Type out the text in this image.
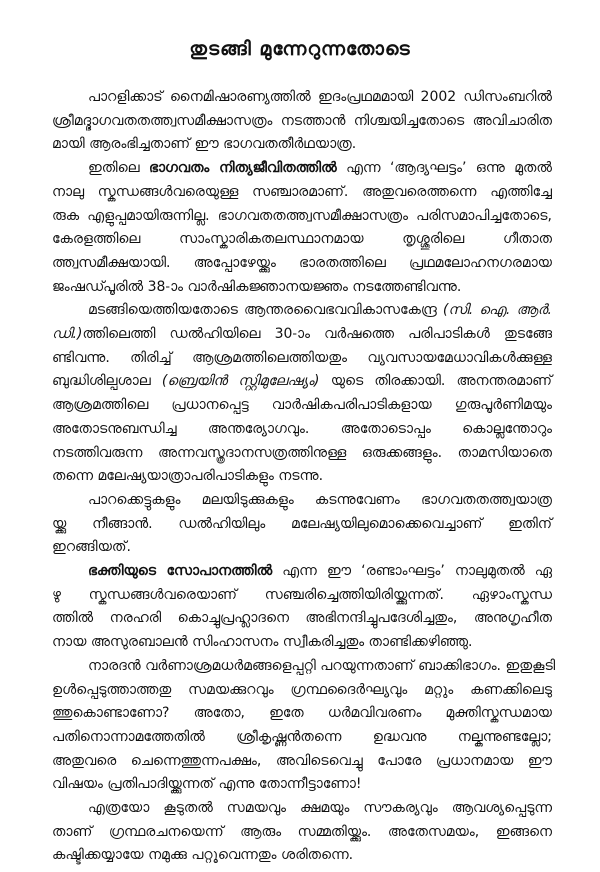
തുടങ്ങി മുന്നേറുന്നതോടെ
പാറളിക്കാട് നൈമിഷാരണ്യത്തിൽ ഇദംപ്രഥമമായി 2002 ഡിസംബറിൽ
ശ്രീമദ്ഭാഗവതതത്ത്വസമീക്ഷാസത്രം നടത്താൻ നിശ്ചയിച്ചതോടെ അവിചാരിത
മായി ആരംഭിച്ചതാണ് ഈ ഭാഗവതതീർഥയാത്ര.
ഇതിലെ ഭാഗവതം നിത്യജീവിതത്തിൽ എന്ന ‘ആദ്യഘട്ടം’ ഒന്നു മുതൽ
നാലു സ്കന്ധങ്ങൾവരെയുള്ള സഞ്ചാരമാണ്. അതുവരെത്തന്നെ എത്തിച്ചേ
രുക എളുപ്പമായിരുന്നില്ല. ഭാഗവതതത്ത്വസമീക്ഷാസത്രം പരിസമാപിച്ചതോടെ,
കേരളത്തിലെ സാംസ്കാരികതലസ്ഥാനമായ തൃശ്ശൂരിലെ ഗീതാത
ത്ത്വസമീക്ഷയായി. അപ്പോഴേയ്ക്കും ഭാരതത്തിലെ പ്രഥമലോഹനഗരമായ
ജംഷഡ്പൂരിൽ 38-ാം വാർഷികജ്ഞാനയജ്ഞം നടത്തേണ്ടിവന്നു.
മടങ്ങിയെത്തിയതോടെ ആന്തരവൈഭവവികാസകേന്ദ്ര (സി. ഐ. ആർ.
ഡി.)ത്തിലെത്തി ഡൽഹിയിലെ 30-ാം വർഷത്തെ പരിപാടികൾ തുടങ്ങേ
ണ്ടിവന്നു. തിരിച്ച് ആശ്രമത്തിലെത്തിയതും വ്യവസായമേധാവികൾക്കുള്ള
ബുദ്ധിശില്പശാല (ബ്രെയിൻ സ്റ്റിമുലേഷ്യം) യുടെ തിരക്കായി. അനന്തരമാണ്
ആശ്രമത്തിലെ പ്രധാനപ്പെട്ട വാർഷികപരിപാടികളായ ഗുരുപൂർണിമയും
അതോടനുബന്ധിച്ച അന്തര്യോഗവും. അതോടൊപ്പം കൊല്ലന്തോറും
നടത്തിവരുന്ന അന്നവസ്ത്രദാനസത്രത്തിനുള്ള ഒരുക്കങ്ങളും. താമസിയാതെ
തന്നെ മലേഷ്യയാത്രാപരിപാടികളും നടന്നു.
പാറക്കെട്ടുകളും മലയിടുക്കുകളും കടന്നുവേണം ഭാഗവതതത്ത്വയാത്ര
യ്ക്കു നീങ്ങാൻ. ഡൽഹിയിലും മലേഷ്യയിലുമൊക്കെവെച്ചാണ് ഇതിന്
ഇറങ്ങിയത്.
ഭക്തിയുടെ സോപാനത്തിൽ എന്ന ഈ ‘രണ്ടാംഘട്ടം’ നാലുമുതൽ ഏ
ഴു സ്കന്ധങ്ങൾവരെയാണ് സഞ്ചരിച്ചെത്തിയിരിയ്ക്കുന്നത്. ഏഴാംസ്കന്ധ
ത്തിൽ നരഹരി കൊച്ചുപ്രഹ്ലാദനെ അഭിനന്ദിച്ചുപദേശിച്ചതും, അനുഗൃഹീത
നായ അസുരബാലൻ സിംഹാസനം സ്വീകരിച്ചതും താണ്ടിക്കഴിഞ്ഞു.
നാരദൻ വർണാശ്രമധർമങ്ങളെപ്പറ്റി പറയുന്നതാണ് ബാക്കിഭാഗം. ഇതുകൂടി
ഉൾപ്പെടുത്താത്തതു സമയക്കുറവും ഗ്രന്ഥദൈർഘ്യവും മറ്റും കണക്കിലെടു
ത്തുകൊണ്ടാണോ? അതോ, ഇതേ ധർമവിവരണം മുക്തിസ്കന്ധമായ
പതിനൊന്നാമത്തേതിൽ ശ്രീകൃഷ്ണൻതന്നെ ഉദ്ധവനു നല്കുന്നുണ്ടല്ലോ;
അതുവരെ ചെന്നെത്തുന്നപക്ഷം, അവിടെവെച്ചു പോരേ പ്രധാനമായ ഈ
വിഷയം പ്രതിപാദിയ്ക്കുന്നത് എന്നു തോന്നീട്ടാണോ!
എത്രയോ കൂടുതൽ സമയവും ക്ഷമയും സൗകര്യവും ആവശ്യപ്പെടുന്ന
താണ് ഗ്രന്ഥരചനയെന്ന് ആരും സമ്മതിയ്ക്കും. അതേസമയം, ഇങ്ങനെ
കഷ്ടിക്കയ്യായേ നമുക്കു പറ്റൂവെന്നതും ശരിതന്നെ.
